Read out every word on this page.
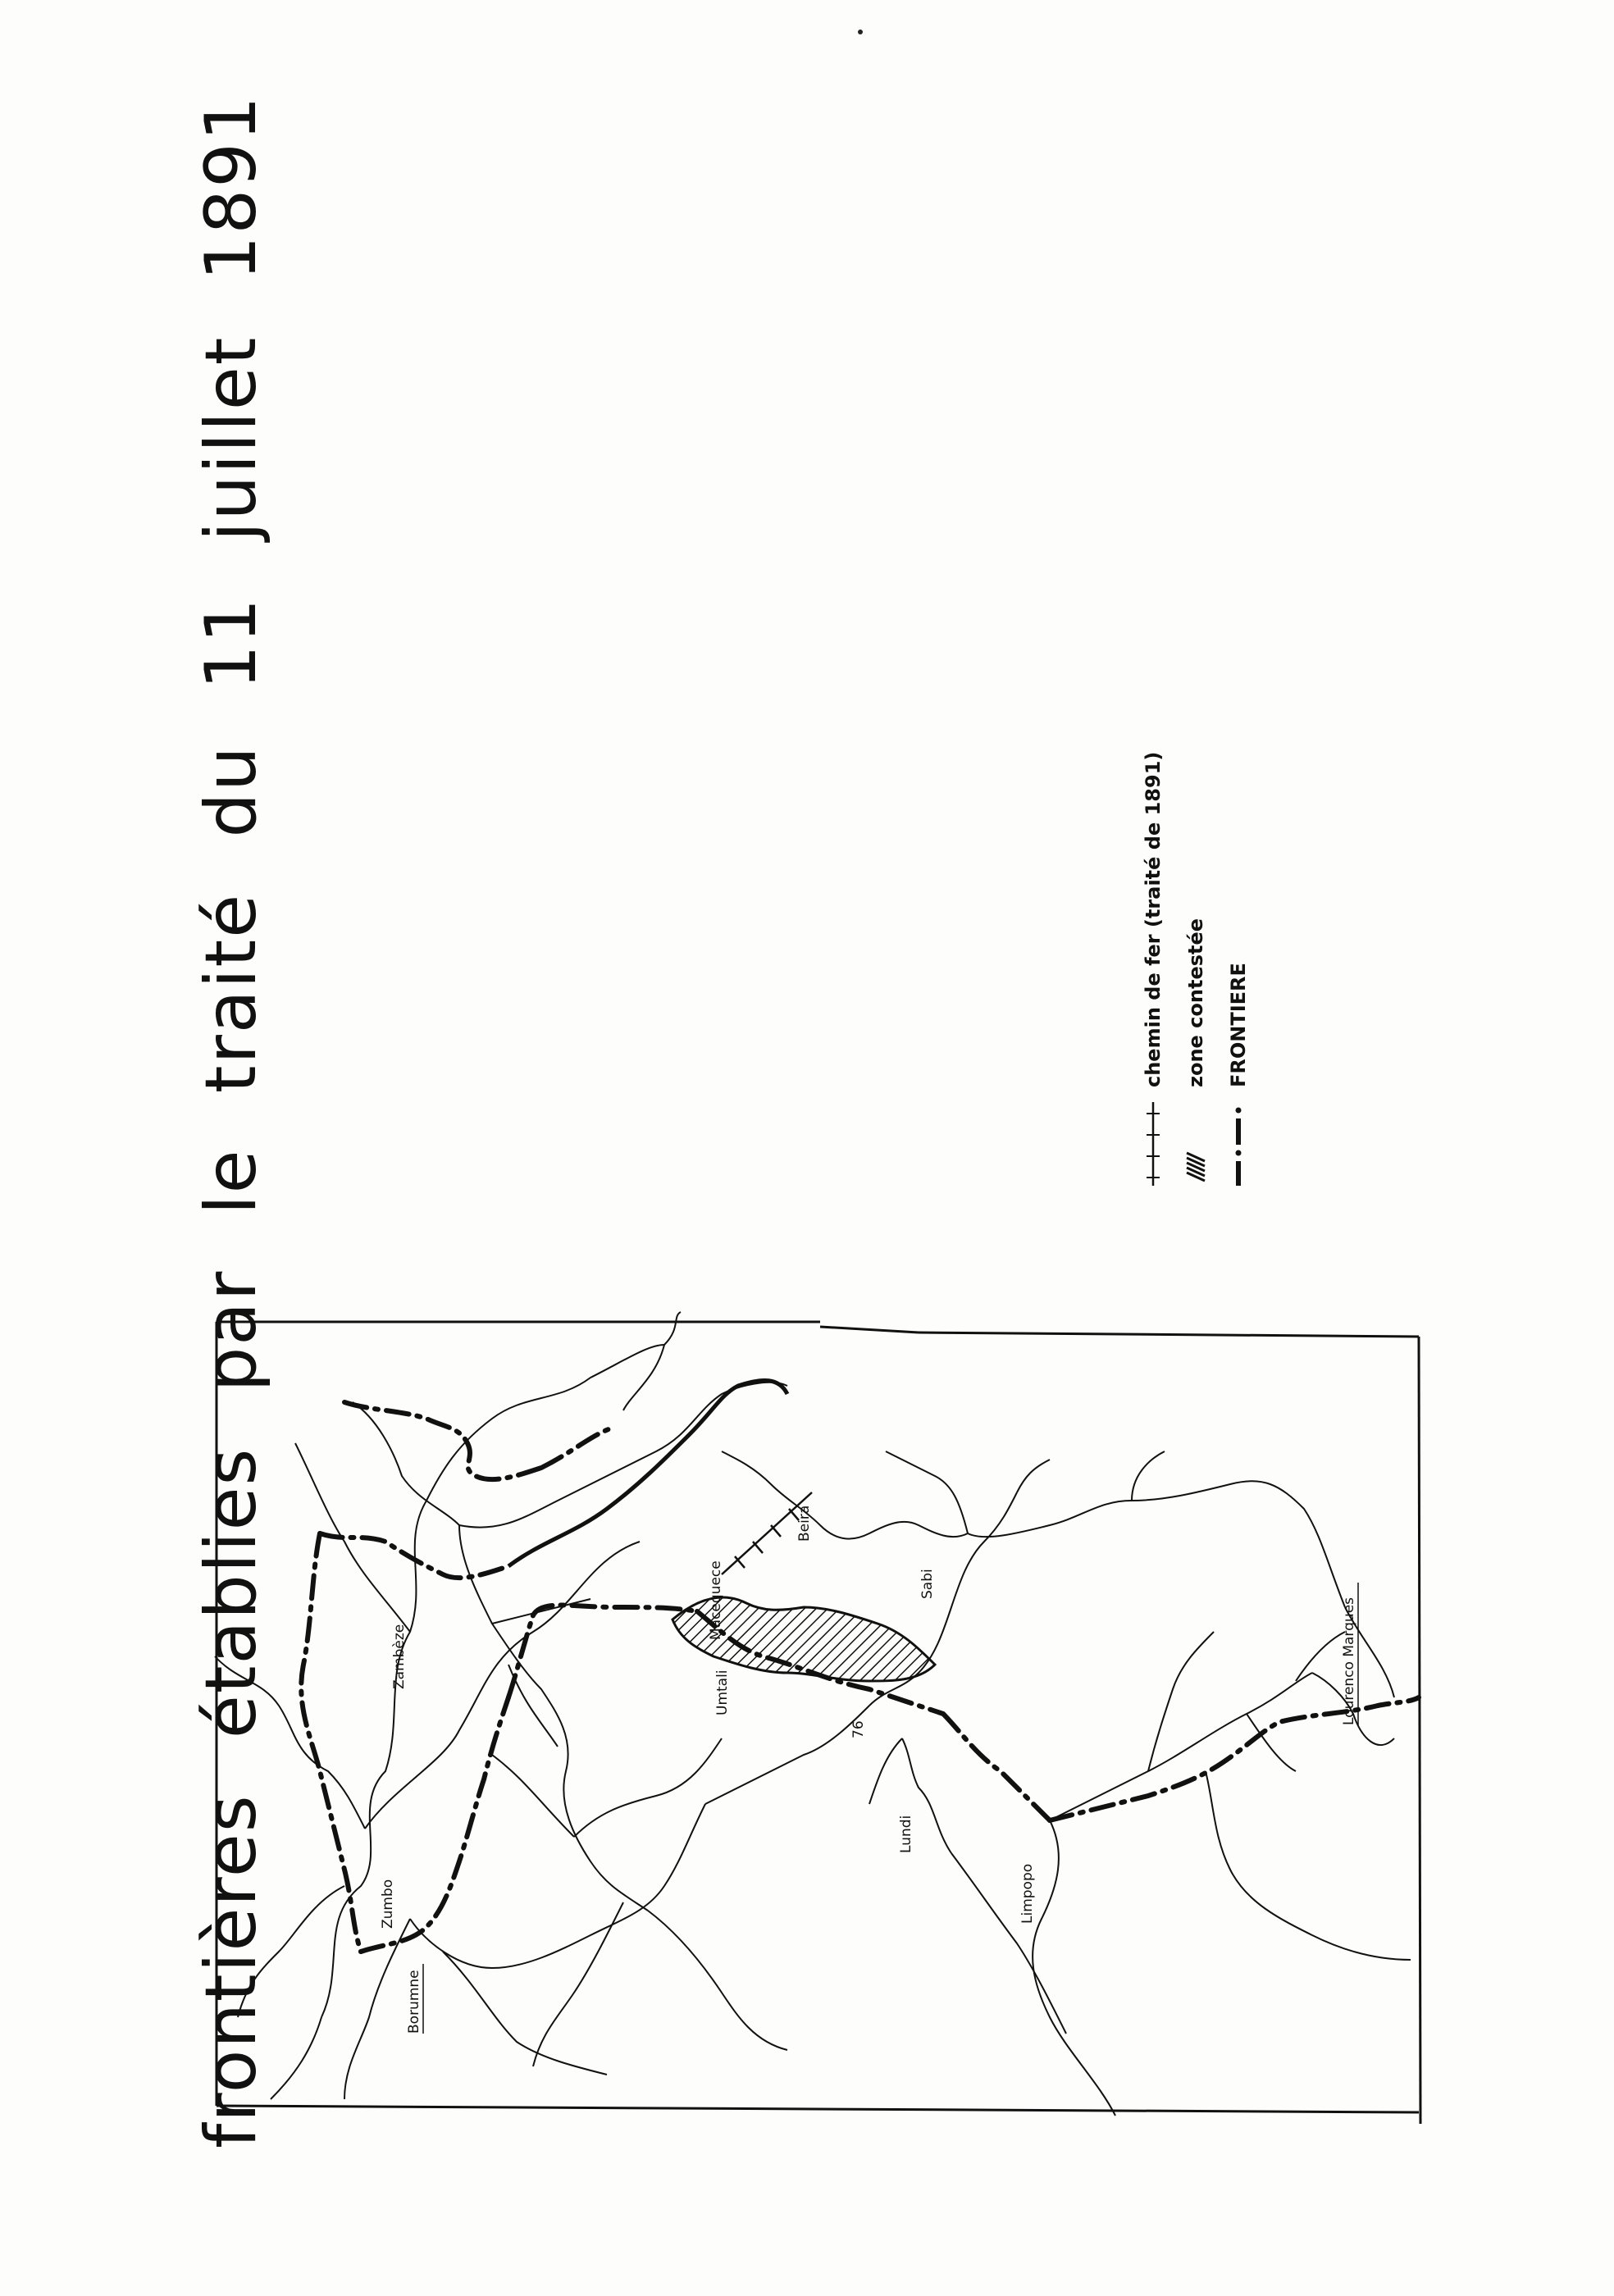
frontières établies par le traité du 11 juillet 1891
chemin de fer (traité de 1891) zone contestée FRONTIERE
Borumne
Zumbo
Zambèze
Umtali
Macequece
Beira
Sabi
Lundi
Limpopo
Lourenco Marques
76
